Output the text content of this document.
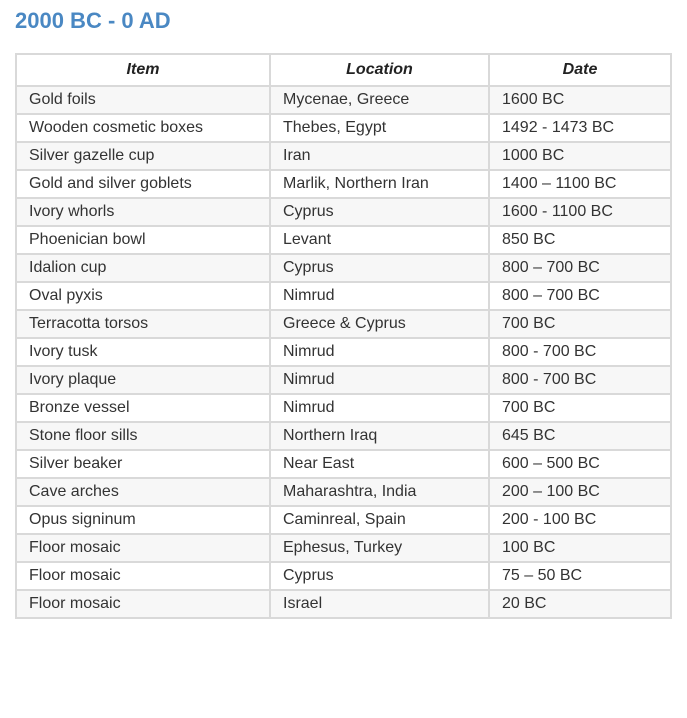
2000 BC - 0 AD
Item	Location	Date
Gold foils	Mycenae, Greece	1600 BC
Wooden cosmetic boxes	Thebes, Egypt	1492 - 1473 BC
Silver gazelle cup	Iran	1000 BC
Gold and silver goblets	Marlik, Northern Iran	1400 – 1100 BC
Ivory whorls	Cyprus	1600 - 1100 BC
Phoenician bowl	Levant	850 BC
Idalion cup	Cyprus	800 – 700 BC
Oval pyxis	Nimrud	800 – 700 BC
Terracotta torsos	Greece & Cyprus	700 BC
Ivory tusk	Nimrud	800 - 700 BC
Ivory plaque	Nimrud	800 - 700 BC
Bronze vessel	Nimrud	700 BC
Stone floor sills	Northern Iraq	645 BC
Silver beaker	Near East	600 – 500 BC
Cave arches	Maharashtra, India	200 – 100 BC
Opus signinum	Caminreal, Spain	200 - 100 BC
Floor mosaic	Ephesus, Turkey	100 BC
Floor mosaic	Cyprus	75 – 50 BC
Floor mosaic	Israel	20 BC
